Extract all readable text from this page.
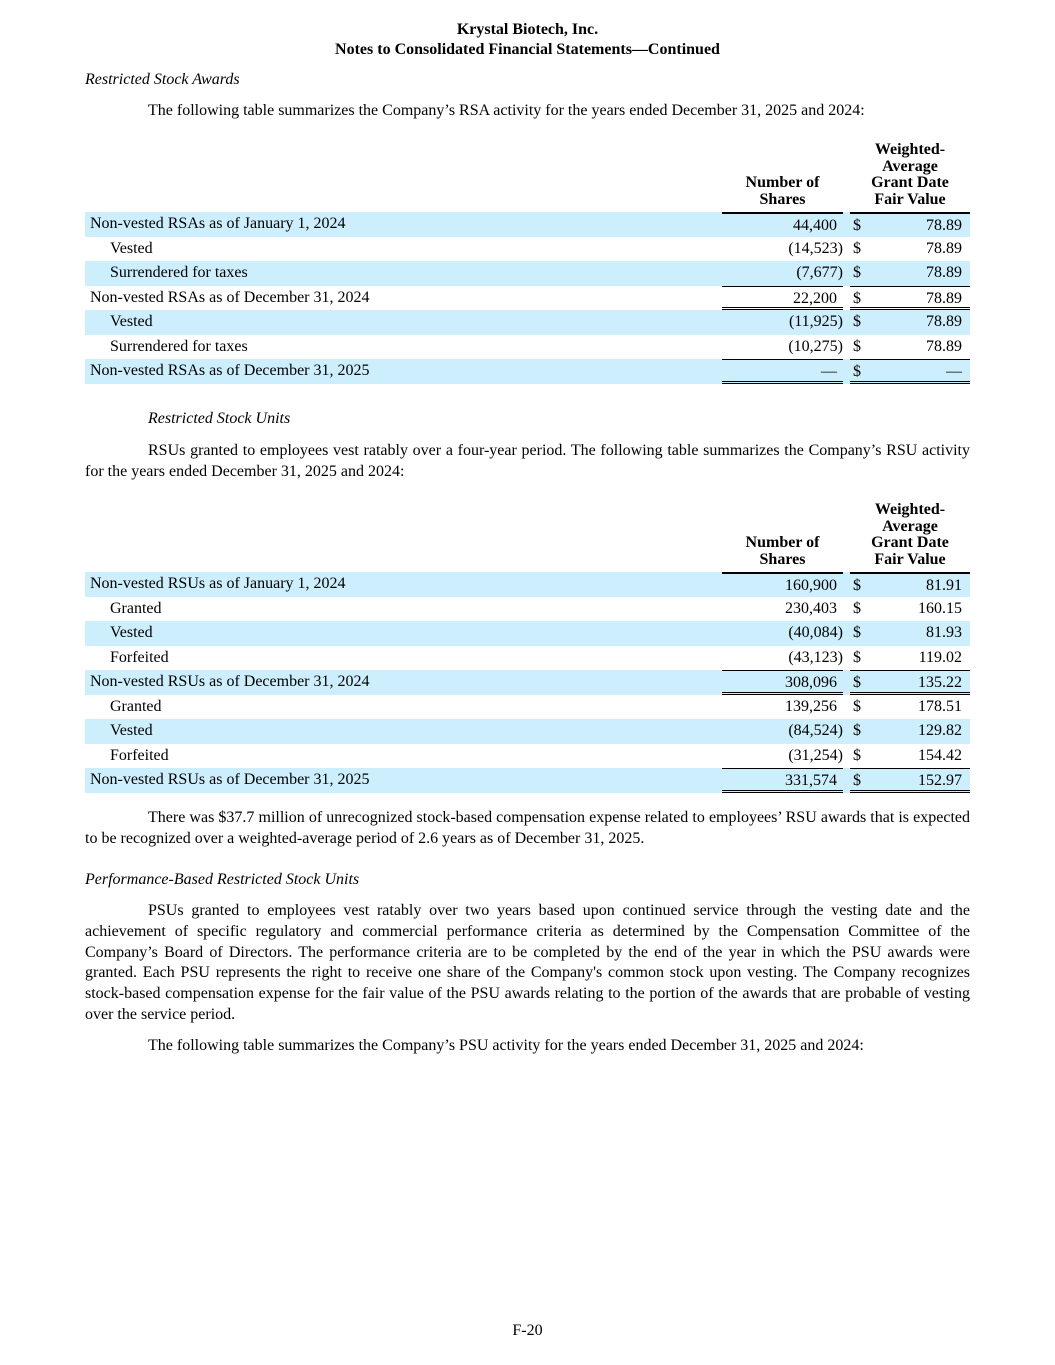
Krystal Biotech, Inc.
Notes to Consolidated Financial Statements—Continued
Restricted Stock Awards
The following table summarizes the Company’s RSA activity for the years ended December 31, 2025 and 2024:
Number of
Shares
Weighted-
Average
Grant Date
Fair Value
Non-vested RSAs as of January 1, 2024	44,400	$	78.89
Vested	(14,523) $	78.89
Surrendered for taxes	(7,677) $	78.89
Non-vested RSAs as of December 31, 2024	22,200	$	78.89
Vested	(11,925) $	78.89
Surrendered for taxes	(10,275) $	78.89
Non-vested RSAs as of December 31, 2025	—	$	—
Restricted Stock Units
RSUs granted to employees vest ratably over a four-year period. The following table summarizes the Company’s RSU activity for the years ended December 31, 2025 and 2024:
Number of
Shares
Weighted-
Average
Grant Date
Fair Value
Non-vested RSUs as of January 1, 2024	160,900	$	81.91
Granted	230,403	$	160.15
Vested	(40,084) $	81.93
Forfeited	(43,123) $	119.02
Non-vested RSUs as of December 31, 2024	308,096	$	135.22
Granted	139,256	$	178.51
Vested	(84,524) $	129.82
Forfeited	(31,254) $	154.42
Non-vested RSUs as of December 31, 2025	331,574	$	152.97
There was $37.7 million of unrecognized stock-based compensation expense related to employees’ RSU awards that is expected to be recognized over a weighted-average period of 2.6 years as of December 31, 2025.
Performance-Based Restricted Stock Units
PSUs granted to employees vest ratably over two years based upon continued service through the vesting date and the achievement of specific regulatory and commercial performance criteria as determined by the Compensation Committee of the Company’s Board of Directors. The performance criteria are to be completed by the end of the year in which the PSU awards were granted. Each PSU represents the right to receive one share of the Company's common stock upon vesting. The Company recognizes stock-based compensation expense for the fair value of the PSU awards relating to the portion of the awards that are probable of vesting over the service period.
The following table summarizes the Company’s PSU activity for the years ended December 31, 2025 and 2024:
F-20
